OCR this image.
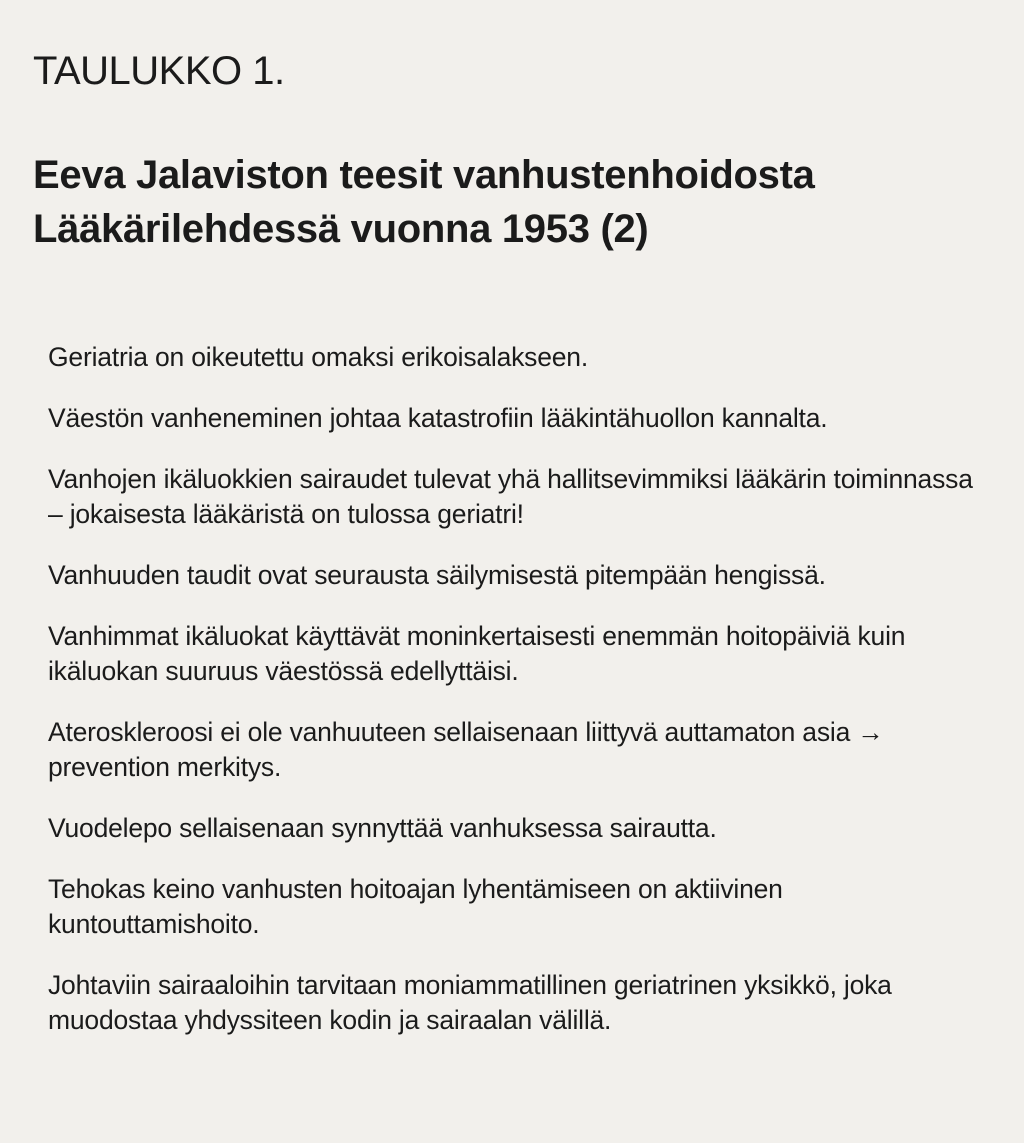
TAULUKKO 1.
Eeva Jalaviston teesit vanhustenhoidosta
Lääkärilehdessä vuonna 1953 (2)
Geriatria on oikeutettu omaksi erikoisalakseen.
Väestön vanheneminen johtaa katastrofiin lääkintähuollon kannalta.
Vanhojen ikäluokkien sairaudet tulevat yhä hallitsevimmiksi lääkärin toiminnassa – jokaisesta lääkäristä on tulossa geriatri!
Vanhuuden taudit ovat seurausta säilymisestä pitempään hengissä.
Vanhimmat ikäluokat käyttävät moninkertaisesti enemmän hoitopäiviä kuin ikäluokan suuruus väestössä edellyttäisi.
Ateroskleroosi ei ole vanhuuteen sellaisenaan liittyvä auttamaton asia → prevention merkitys.
Vuodelepo sellaisenaan synnyttää vanhuksessa sairautta.
Tehokas keino vanhusten hoitoajan lyhentämiseen on aktiivinen kuntouttamishoito.
Johtaviin sairaaloihin tarvitaan moniammatillinen geriatrinen yksikkö, joka muodostaa yhdyssiteen kodin ja sairaalan välillä.
